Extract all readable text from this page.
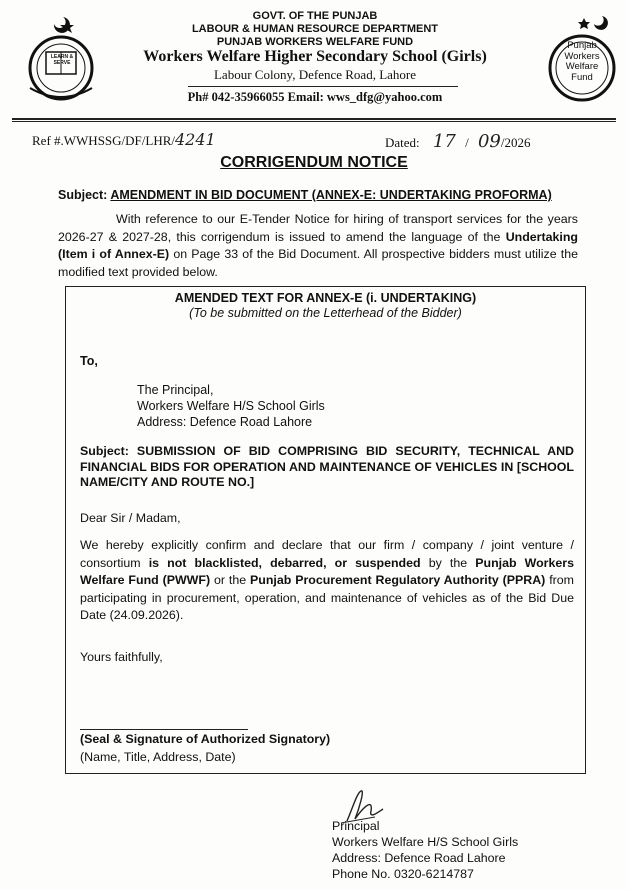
LEARN & SERVE
Punjab
Workers
Welfare
Fund
GOVT. OF THE PUNJAB
LABOUR & HUMAN RESOURCE DEPARTMENT
PUNJAB WORKERS WELFARE FUND
Workers Welfare Higher Secondary School (Girls)
Labour Colony, Defence Road, Lahore
Ph# 042-35966055 Email: wws_dfg@yahoo.com
Ref #.WWHSSG/DF/LHR/4241	Dated: 17 / 09/2026
CORRIGENDUM NOTICE
Subject: AMENDMENT IN BID DOCUMENT (ANNEX-E: UNDERTAKING PROFORMA)
With reference to our E-Tender Notice for hiring of transport services for the years 2026-27 & 2027-28, this corrigendum is issued to amend the language of the Undertaking (Item i of Annex-E) on Page 33 of the Bid Document. All prospective bidders must utilize the modified text provided below.
AMENDED TEXT FOR ANNEX-E (i. UNDERTAKING)
(To be submitted on the Letterhead of the Bidder)
To,
The Principal,
Workers Welfare H/S School Girls
Address: Defence Road Lahore
Subject: SUBMISSION OF BID COMPRISING BID SECURITY, TECHNICAL AND FINANCIAL BIDS FOR OPERATION AND MAINTENANCE OF VEHICLES IN [SCHOOL NAME/CITY AND ROUTE NO.]
Dear Sir / Madam,
We hereby explicitly confirm and declare that our firm / company / joint venture / consortium is not blacklisted, debarred, or suspended by the Punjab Workers Welfare Fund (PWWF) or the Punjab Procurement Regulatory Authority (PPRA) from participating in procurement, operation, and maintenance of vehicles as of the Bid Due Date (24.09.2026).
Yours faithfully,
(Seal & Signature of Authorized Signatory)
(Name, Title, Address, Date)
Principal
Workers Welfare H/S School Girls
Address: Defence Road Lahore
Phone No. 0320-6214787
